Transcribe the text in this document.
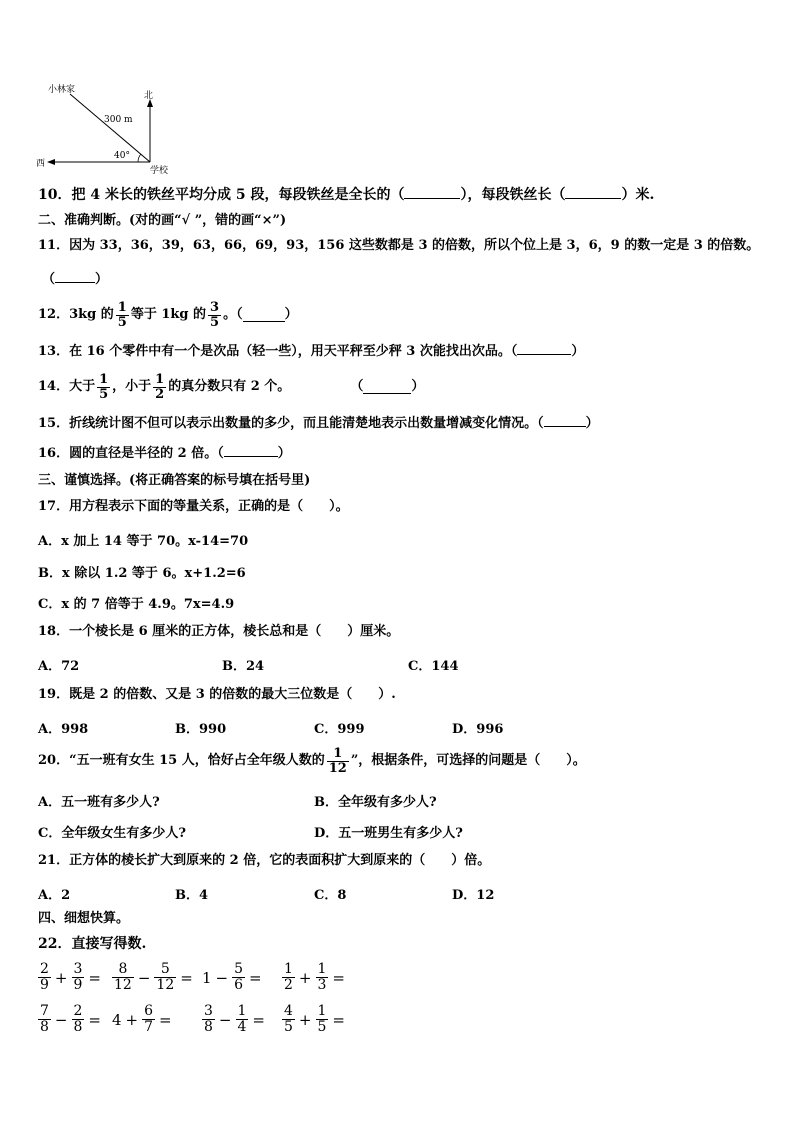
小林家
北
西
学校
300 m
40°
10．把 4 米长的铁丝平均分成 5 段，每段铁丝是全长的（	），每段铁丝长（	）米.
二、准确判断。(对的画“√ ”，错的画“×”)
11．因为 33，36，39，63，66，69，93，156 这些数都是 3 的倍数，所以个位上是 3，6，9 的数一定是 3 的倍数。
（	）
12．3kg 的 $\frac{1}{5}$ 等于 1kg 的 $\frac{3}{5}$ 。（	）
13．在 16 个零件中有一个是次品（轻一些），用天平秤至少秤 3 次能找出次品。（	）
14．大于 $\frac{1}{5}$ ，小于 $\frac{1}{2}$ 的真分数只有 2 个。	（	）
15．折线统计图不但可以表示出数量的多少，而且能清楚地表示出数量增减变化情况。（	）
16．圆的直径是半径的 2 倍。（	）
三、谨慎选择。(将正确答案的标号填在括号里)
17．用方程表示下面的等量关系，正确的是（　　）。
A．x 加上 14 等于 70。x-14=70
B．x 除以 1.2 等于 6。x+1.2=6
C．x 的 7 倍等于 4.9。7x=4.9
18．一个棱长是 6 厘米的正方体，棱长总和是（　　）厘米。
A．72	B．24	C．144
19．既是 2 的倍数、又是 3 的倍数的最大三位数是（　　）.
A．998	B．990	C．999	D．996
20．“五一班有女生 15 人，恰好占全年级人数的 $\frac{1}{12}$ ”，根据条件，可选择的问题是（　　）。
A．五一班有多少人?	B．全年级有多少人?
C．全年级女生有多少人?	D．五一班男生有多少人?
21．正方体的棱长扩大到原来的 2 倍，它的表面积扩大到原来的（　　）倍。
A．2	B．4	C．8	D．12
四、细想快算。
22．直接写得数.
$\frac{2}{9} + \frac{3}{9} = \frac{8}{12} - \frac{5}{12} = 1 - \frac{5}{6} = \frac{1}{2} + \frac{1}{3}$ =
$\frac{7}{8} - \frac{2}{8} = 4 + \frac{6}{7} = \frac{3}{8} - \frac{1}{4} = \frac{4}{5} + \frac{1}{5}$ =
